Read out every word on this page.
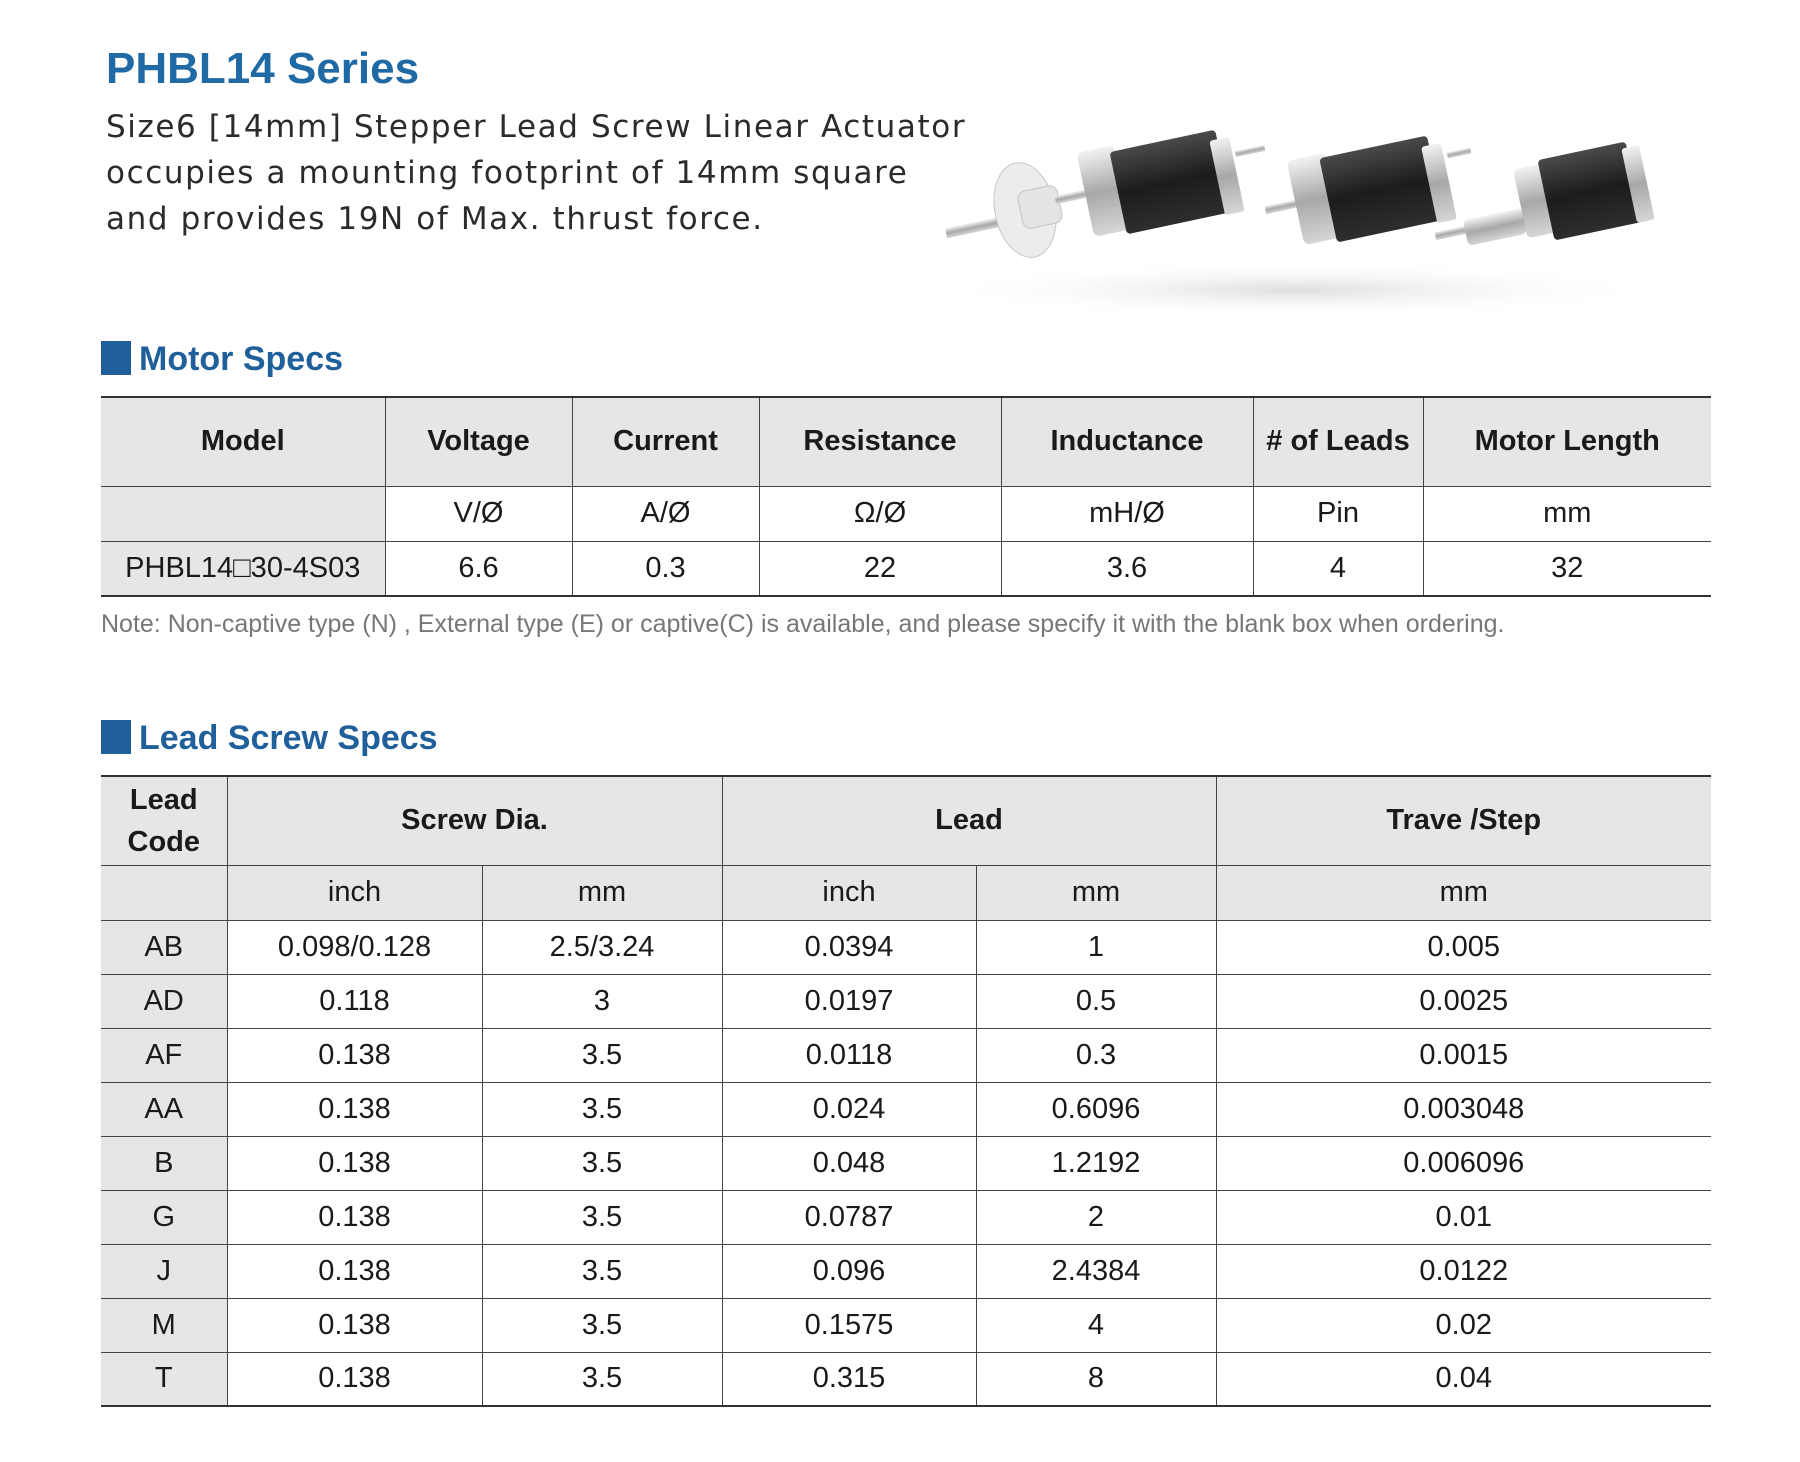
PHBL14 Series
Size6 [14mm] Stepper Lead Screw Linear Actuator
occupies a mounting footprint of 14mm square
and provides 19N of Max. thrust force.
Motor Specs
Model	Voltage	Current	Resistance	Inductance	# of Leads	Motor Length
	V/Ø	A/Ø	Ω/Ø	mH/Ø	Pin	mm
PHBL14□30-4S03	6.6	0.3	22	3.6	4	32
Note: Non-captive type (N) , External type (E) or captive(C) is available, and please specify it with the blank box when ordering.
Lead Screw Specs
Lead
Code	Screw Dia.		Lead		Trave /Step
	inch	mm	inch	mm	mm
AB	0.098/0.128	2.5/3.24	0.0394	1	0.005
AD	0.118	3	0.0197	0.5	0.0025
AF	0.138	3.5	0.0118	0.3	0.0015
AA	0.138	3.5	0.024	0.6096	0.003048
B	0.138	3.5	0.048	1.2192	0.006096
G	0.138	3.5	0.0787	2	0.01
J	0.138	3.5	0.096	2.4384	0.0122
M	0.138	3.5	0.1575	4	0.02
T	0.138	3.5	0.315	8	0.04
